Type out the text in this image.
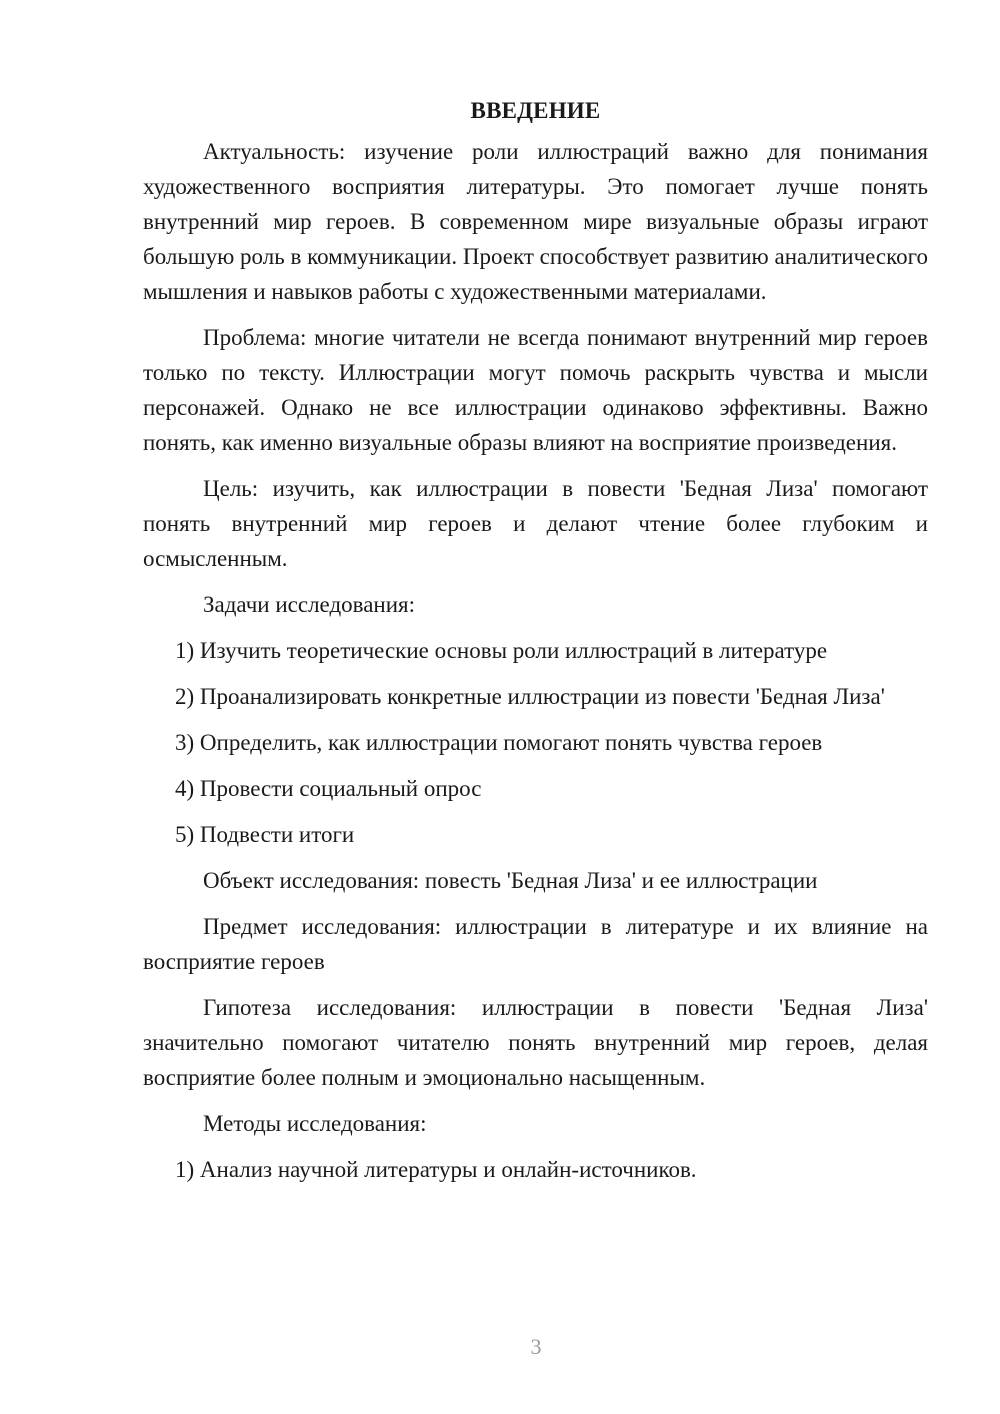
ВВЕДЕНИЕ

Актуальность: изучение роли иллюстраций важно для понимания художественного восприятия литературы. Это помогает лучше понять внутренний мир героев. В современном мире визуальные образы играют большую роль в коммуникации. Проект способствует развитию аналитического мышления и навыков работы с художественными материалами.

Проблема: многие читатели не всегда понимают внутренний мир героев только по тексту. Иллюстрации могут помочь раскрыть чувства и мысли персонажей. Однако не все иллюстрации одинаково эффективны. Важно понять, как именно визуальные образы влияют на восприятие произведения.

Цель: изучить, как иллюстрации в повести 'Бедная Лиза' помогают понять внутренний мир героев и делают чтение более глубоким и осмысленным.

Задачи исследования:

1) Изучить теоретические основы роли иллюстраций в литературе

2) Проанализировать конкретные иллюстрации из повести 'Бедная Лиза'

3) Определить, как иллюстрации помогают понять чувства героев

4) Провести социальный опрос

5) Подвести итоги

Объект исследования: повесть 'Бедная Лиза' и ее иллюстрации

Предмет исследования: иллюстрации в литературе и их влияние на восприятие героев

Гипотеза исследования: иллюстрации в повести 'Бедная Лиза' значительно помогают читателю понять внутренний мир героев, делая восприятие более полным и эмоционально насыщенным.

Методы исследования:

1) Анализ научной литературы и онлайн-источников.

3
